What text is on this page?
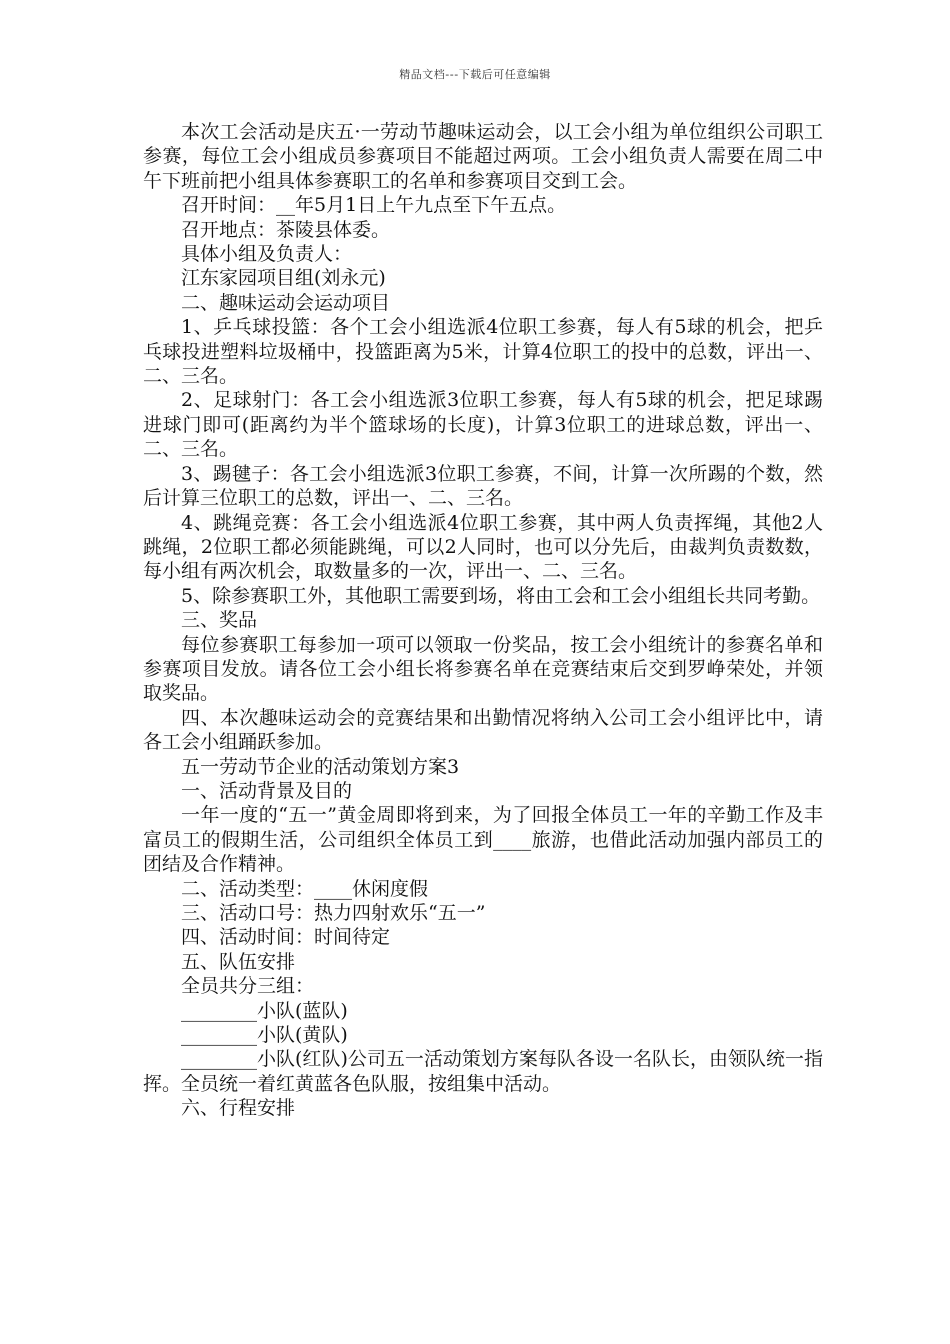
精品文档---下载后可任意编辑

本次工会活动是庆五·一劳动节趣味运动会，以工会小组为单位组织公司职工参赛，每位工会小组成员参赛项目不能超过两项。工会小组负责人需要在周二中午下班前把小组具体参赛职工的名单和参赛项目交到工会。

召开时间：__年5月1日上午九点至下午五点。

召开地点：茶陵县体委。

具体小组及负责人：

江东家园项目组(刘永元)

二、趣味运动会运动项目

1、乒乓球投篮：各个工会小组选派4位职工参赛，每人有5球的机会，把乒乓球投进塑料垃圾桶中，投篮距离为5米，计算4位职工的投中的总数，评出一、二、三名。

2、足球射门：各工会小组选派3位职工参赛，每人有5球的机会，把足球踢进球门即可(距离约为半个篮球场的长度)，计算3位职工的进球总数，评出一、二、三名。

3、踢毽子：各工会小组选派3位职工参赛，不间，计算一次所踢的个数，然后计算三位职工的总数，评出一、二、三名。

4、跳绳竞赛：各工会小组选派4位职工参赛，其中两人负责挥绳，其他2人跳绳，2位职工都必须能跳绳，可以2人同时，也可以分先后，由裁判负责数数，每小组有两次机会，取数量多的一次，评出一、二、三名。

5、除参赛职工外，其他职工需要到场，将由工会和工会小组组长共同考勤。

三、奖品

每位参赛职工每参加一项可以领取一份奖品，按工会小组统计的参赛名单和参赛项目发放。请各位工会小组长将参赛名单在竞赛结束后交到罗峥荣处，并领取奖品。

四、本次趣味运动会的竞赛结果和出勤情况将纳入公司工会小组评比中，请各工会小组踊跃参加。

五一劳动节企业的活动策划方案3

一、活动背景及目的

一年一度的“五一”黄金周即将到来，为了回报全体员工一年的辛勤工作及丰富员工的假期生活，公司组织全体员工到____旅游，也借此活动加强内部员工的团结及合作精神。

二、活动类型：____休闲度假

三、活动口号：热力四射欢乐“五一”

四、活动时间：时间待定

五、队伍安排

全员共分三组：

________小队(蓝队)

________小队(黄队)

________小队(红队)公司五一活动策划方案每队各设一名队长，由领队统一指挥。全员统一着红黄蓝各色队服，按组集中活动。

六、行程安排
